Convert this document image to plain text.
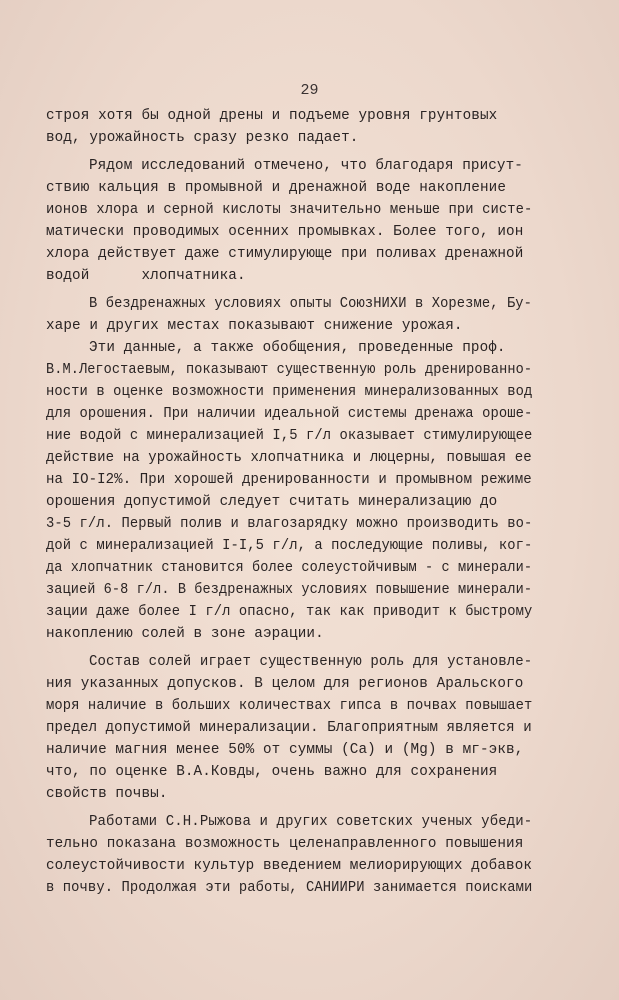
29
строя хотя бы одной дрены и подъеме уровня грунтовых
вод, урожайность сразу резко падает.
Рядом исследований отмечено, что благодаря присут-
ствию кальция в промывной и дренажной воде накопление
ионов хлора и серной кислоты значительно меньше при систе-
матически проводимых осенних промывках. Более того, ион
хлора действует даже стимулирующе при поливах дренажной
водой      хлопчатника.
В бездренажных условиях опыты СоюзНИХИ в Хорезме, Бу-
харе и других местах показывают снижение урожая.
Эти данные, а также обобщения, проведенные проф.
В.М.Легостаевым, показывают существенную роль дренированно-
ности в оценке возможности применения минерализованных вод
для орошения. При наличии идеальной системы дренажа ороше-
ние водой с минерализацией I,5 г/л оказывает стимулирующее
действие на урожайность хлопчатника и люцерны, повышая ее
на IO-I2%. При хорошей дренированности и промывном режиме
орошения допустимой следует считать минерализацию до
3-5 г/л. Первый полив и влагозарядку можно производить во-
дой с минерализацией I-I,5 г/л, а последующие поливы, ког-
да хлопчатник становится более солеустойчивым - с минерали-
зацией 6-8 г/л. В бездренажных условиях повышение минерали-
зации даже более I г/л опасно, так как приводит к быстрому
накоплению солей в зоне аэрации.
Состав солей играет существенную роль для установле-
ния указанных допусков. В целом для регионов Аральского
моря наличие в больших количествах гипса в почвах повышает
предел допустимой минерализации. Благоприятным является и
наличие магния менее 50% от суммы (Са) и (Mg) в мг-экв,
что, по оценке В.А.Ковды, очень важно для сохранения
свойств почвы.
Работами С.Н.Рыжова и других советских ученых убеди-
тельно показана возможность целенаправленного повышения
солеустойчивости культур введением мелиорирующих добавок
в почву. Продолжая эти работы, САНИИРИ занимается поисками
